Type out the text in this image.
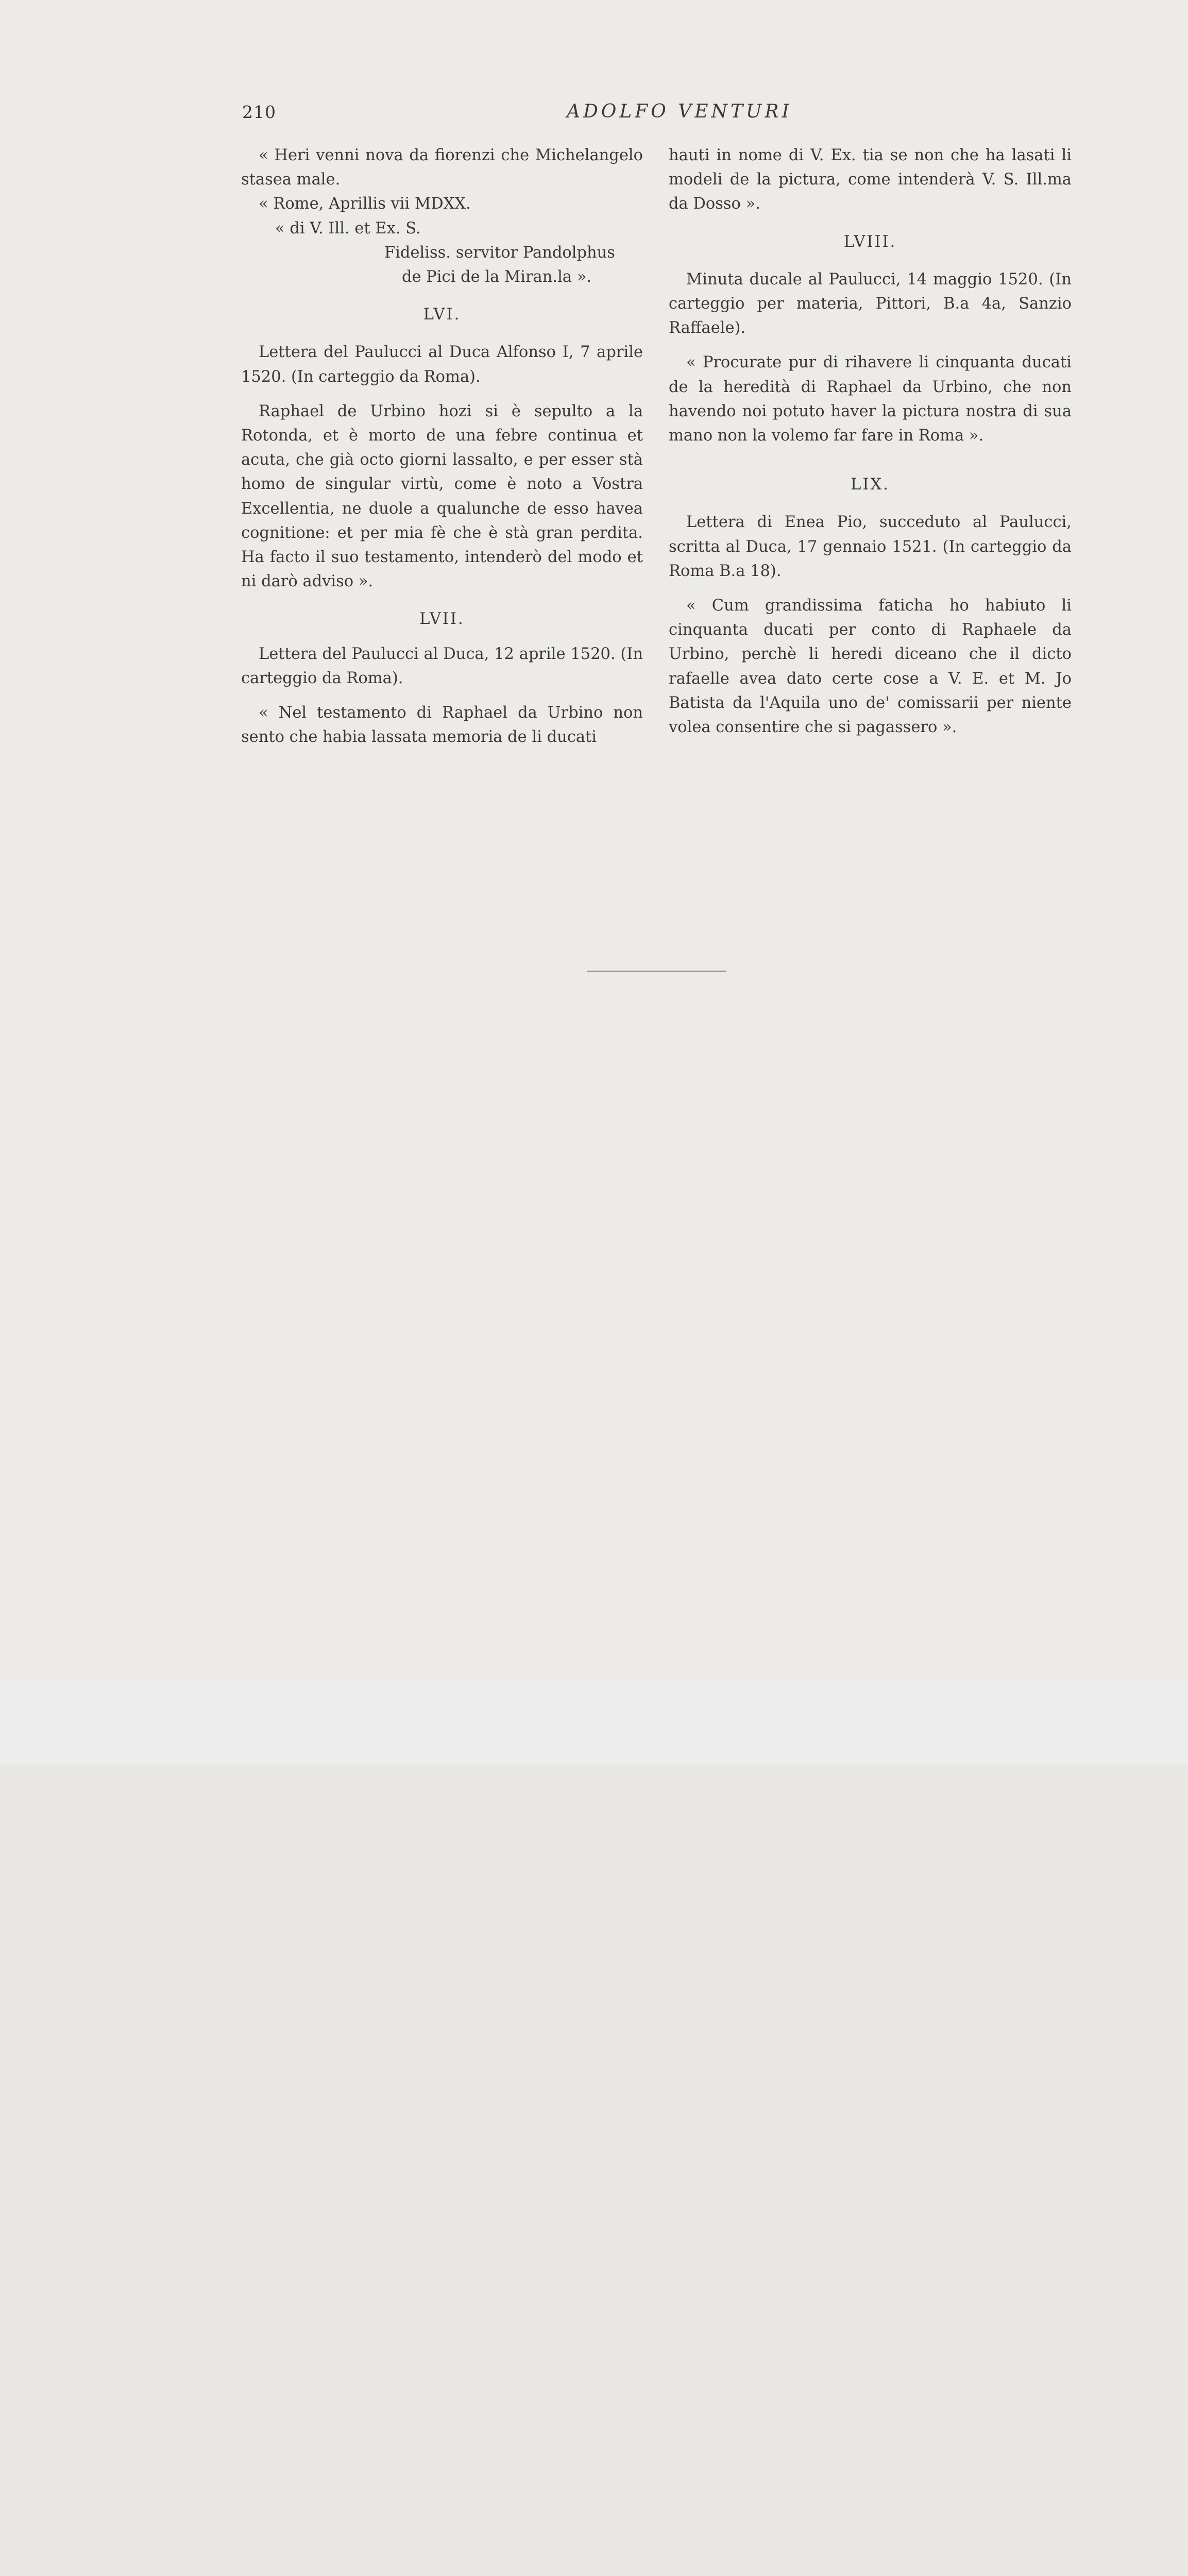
210	ADOLFO VENTURI

« Heri venni nova da fiorenzi che Michelangelo stasea male.

« Rome, Aprillis vii MDXX.

« di V. Ill. et Ex. S.

Fideliss. servitor Pandolphus

de Pici de la Miran.la ».

LVI.

Lettera del Paulucci al Duca Alfonso I, 7 aprile 1520. (In carteggio da Roma).

Raphael de Urbino hozi si è sepulto a la Rotonda, et è morto de una febre continua et acuta, che già octo giorni lassalto, e per esser stà homo de singular virtù, come è noto a Vostra Excellentia, ne duole a qualunche de esso havea cognitione: et per mia fè che è stà gran perdita. Ha facto il suo testamento, intenderò del modo et ni darò adviso ».

LVII.

Lettera del Paulucci al Duca, 12 aprile 1520. (In carteggio da Roma).

« Nel testamento di Raphael da Urbino non sento che habia lassata memoria de li ducati

hauti in nome di V. Ex. tia se non che ha lasati li modeli de la pictura, come intenderà V. S. Ill.ma da Dosso ».

LVIII.

Minuta ducale al Paulucci, 14 maggio 1520. (In carteggio per materia, Pittori, B.a 4a, Sanzio Raffaele).

« Procurate pur di rihavere li cinquanta ducati de la heredità di Raphael da Urbino, che non havendo noi potuto haver la pictura nostra di sua mano non la volemo far fare in Roma ».

LIX.

Lettera di Enea Pio, succeduto al Paulucci, scritta al Duca, 17 gennaio 1521. (In carteggio da Roma B.a 18).

« Cum grandissima faticha ho habiuto li cinquanta ducati per conto di Raphaele da Urbino, perchè li heredi diceano che il dicto rafaelle avea dato certe cose a V. E. et M. Jo Batista da l'Aquila uno de' comissarii per niente volea consentire che si pagassero ».
